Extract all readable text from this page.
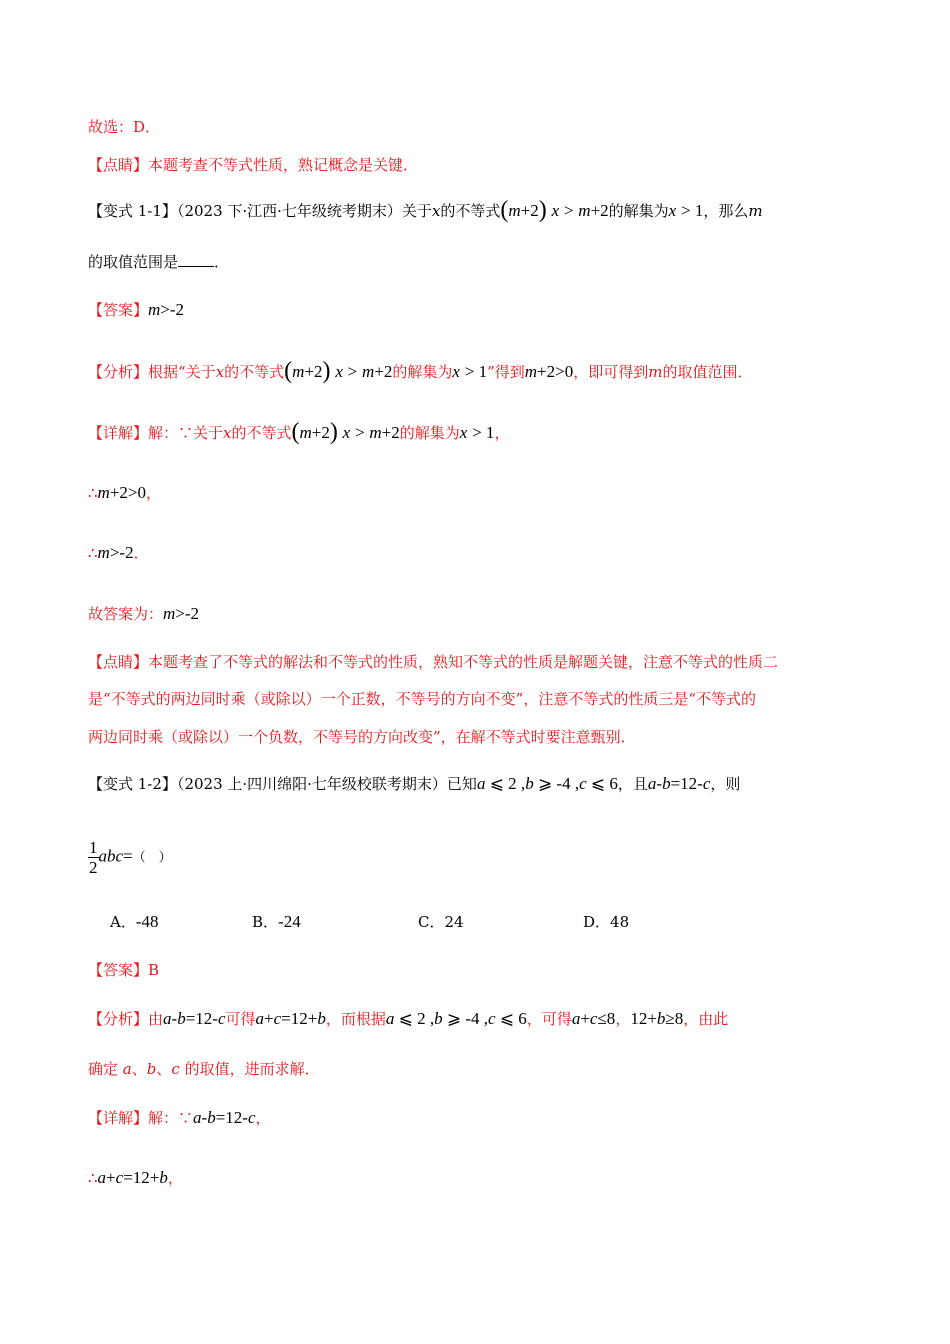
故选：D．
【点睛】本题考查不等式性质，熟记概念是关键．
【变式 1-1】（2023 下·江西·七年级统考期末）关于x的不等式(m+2) x > m+2的解集为x > 1，那么m
的取值范围是 ．
【答案】m>-2
【分析】根据“关于x的不等式(m+2) x > m+2的解集为x > 1”得到m+2>0，即可得到m的取值范围．
【详解】解：∵关于x的不等式(m+2) x > m+2的解集为x > 1，
∴m+2>0，
∴m>-2．
故答案为：m>-2
【点睛】本题考查了不等式的解法和不等式的性质，熟知不等式的性质是解题关键，注意不等式的性质二
是“不等式的两边同时乘（或除以）一个正数，不等号的方向不变”，注意不等式的性质三是“不等式的
两边同时乘（或除以）一个负数，不等号的方向改变”，在解不等式时要注意甄别．
【变式 1-2】（2023 上·四川绵阳·七年级校联考期末）已知a ⩽ 2 ,b ⩾ -4 ,c ⩽ 6，且a-b=12-c，则
$\frac{1}{2} abc=$（　）
A．-48	B．-24	C．24	D．48
【答案】B
【分析】由a-b=12-c可得a+c=12+b，而根据a ⩽ 2 ,b ⩾ -4 ,c ⩽ 6，可得a+c≤8，12+b≥8，由此
确定 a、b、c 的取值，进而求解．
【详解】解：∵a-b=12-c，
∴a+c=12+b，
